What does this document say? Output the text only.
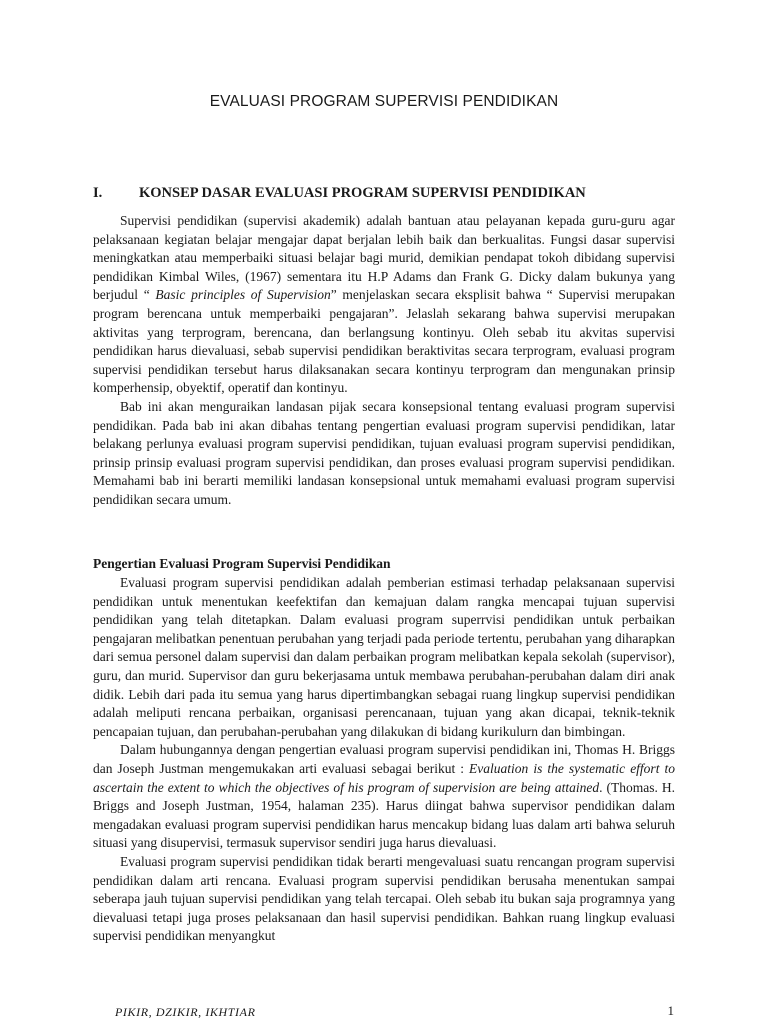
EVALUASI PROGRAM SUPERVISI PENDIDIKAN
I.	KONSEP DASAR EVALUASI PROGRAM SUPERVISI PENDIDIKAN

Supervisi pendidikan (supervisi akademik) adalah bantuan atau pelayanan kepada guru-guru agar pelaksanaan kegiatan belajar mengajar dapat berjalan lebih baik dan berkualitas. Fungsi dasar supervisi meningkatkan atau memperbaiki situasi belajar bagi murid, demikian pendapat tokoh dibidang supervisi pendidikan Kimbal Wiles, (1967) sementara itu H.P Adams dan Frank G. Dicky dalam bukunya yang berjudul “ Basic principles of Supervision” menjelaskan secara eksplisit bahwa “ Supervisi merupakan program berencana untuk memperbaiki pengajaran”. Jelaslah sekarang bahwa supervisi merupakan aktivitas yang terprogram, berencana, dan berlangsung kontinyu. Oleh sebab itu akvitas supervisi pendidikan harus dievaluasi, sebab supervisi pendidikan beraktivitas secara terprogram, evaluasi program supervisi pendidikan tersebut harus dilaksanakan secara kontinyu terprogram dan mengunakan prinsip komperhensip, obyektif, operatif dan kontinyu.

Bab ini akan menguraikan landasan pijak secara konsepsional tentang evaluasi program supervisi pendidikan. Pada bab ini akan dibahas tentang pengertian evaluasi program supervisi pendidikan, latar belakang perlunya evaluasi program supervisi pendidikan, tujuan evaluasi program supervisi pendidikan, prinsip prinsip evaluasi program supervisi pendidikan, dan proses evaluasi program supervisi pendidikan. Memahami bab ini berarti memiliki landasan konsepsional untuk memahami evaluasi program supervisi pendidikan secara umum.

Pengertian Evaluasi Program Supervisi Pendidikan

Evaluasi program supervisi pendidikan adalah pemberian estimasi terhadap pelaksanaan supervisi pendidikan untuk menentukan keefektifan dan kemajuan dalam rangka mencapai tujuan supervisi pendidikan yang telah ditetapkan. Dalam evaluasi program superrvisi pendidikan untuk perbaikan pengajaran melibatkan penentuan perubahan yang terjadi pada periode tertentu, perubahan yang diharapkan dari semua personel dalam supervisi dan dalam perbaikan program melibatkan kepala sekolah (supervisor), guru, dan murid. Supervisor dan guru bekerjasama untuk membawa perubahan-perubahan dalam diri anak didik. Lebih dari pada itu semua yang harus dipertimbangkan sebagai ruang lingkup supervisi pendidikan adalah meliputi rencana perbaikan, organisasi perencanaan, tujuan yang akan dicapai, teknik-teknik pencapaian tujuan, dan perubahan-perubahan yang dilakukan di bidang kurikulurn dan bimbingan.

Dalam hubungannya dengan pengertian evaluasi program supervisi pendidikan ini, Thomas H. Briggs dan Joseph Justman mengemukakan arti evaluasi sebagai berikut : Evaluation is the systematic effort to ascertain the extent to which the objectives of his program of supervision are being attained. (Thomas. H. Briggs and Joseph Justman, 1954, halaman 235). Harus diingat bahwa supervisor pendidikan dalam mengadakan evaluasi program supervisi pendidikan harus mencakup bidang luas dalam arti bahwa seluruh situasi yang disupervisi, termasuk supervisor sendiri juga harus dievaluasi.

Evaluasi program supervisi pendidikan tidak berarti mengevaluasi suatu rencangan program supervisi pendidikan dalam arti rencana. Evaluasi program supervisi pendidikan berusaha menentukan sampai seberapa jauh tujuan supervisi pendidikan yang telah tercapai. Oleh sebab itu bukan saja programnya yang dievaluasi tetapi juga proses pelaksanaan dan hasil supervisi pendidikan. Bahkan ruang lingkup evaluasi supervisi pendidikan menyangkut

PIKIR, DZIKIR, IKHTIAR	1
